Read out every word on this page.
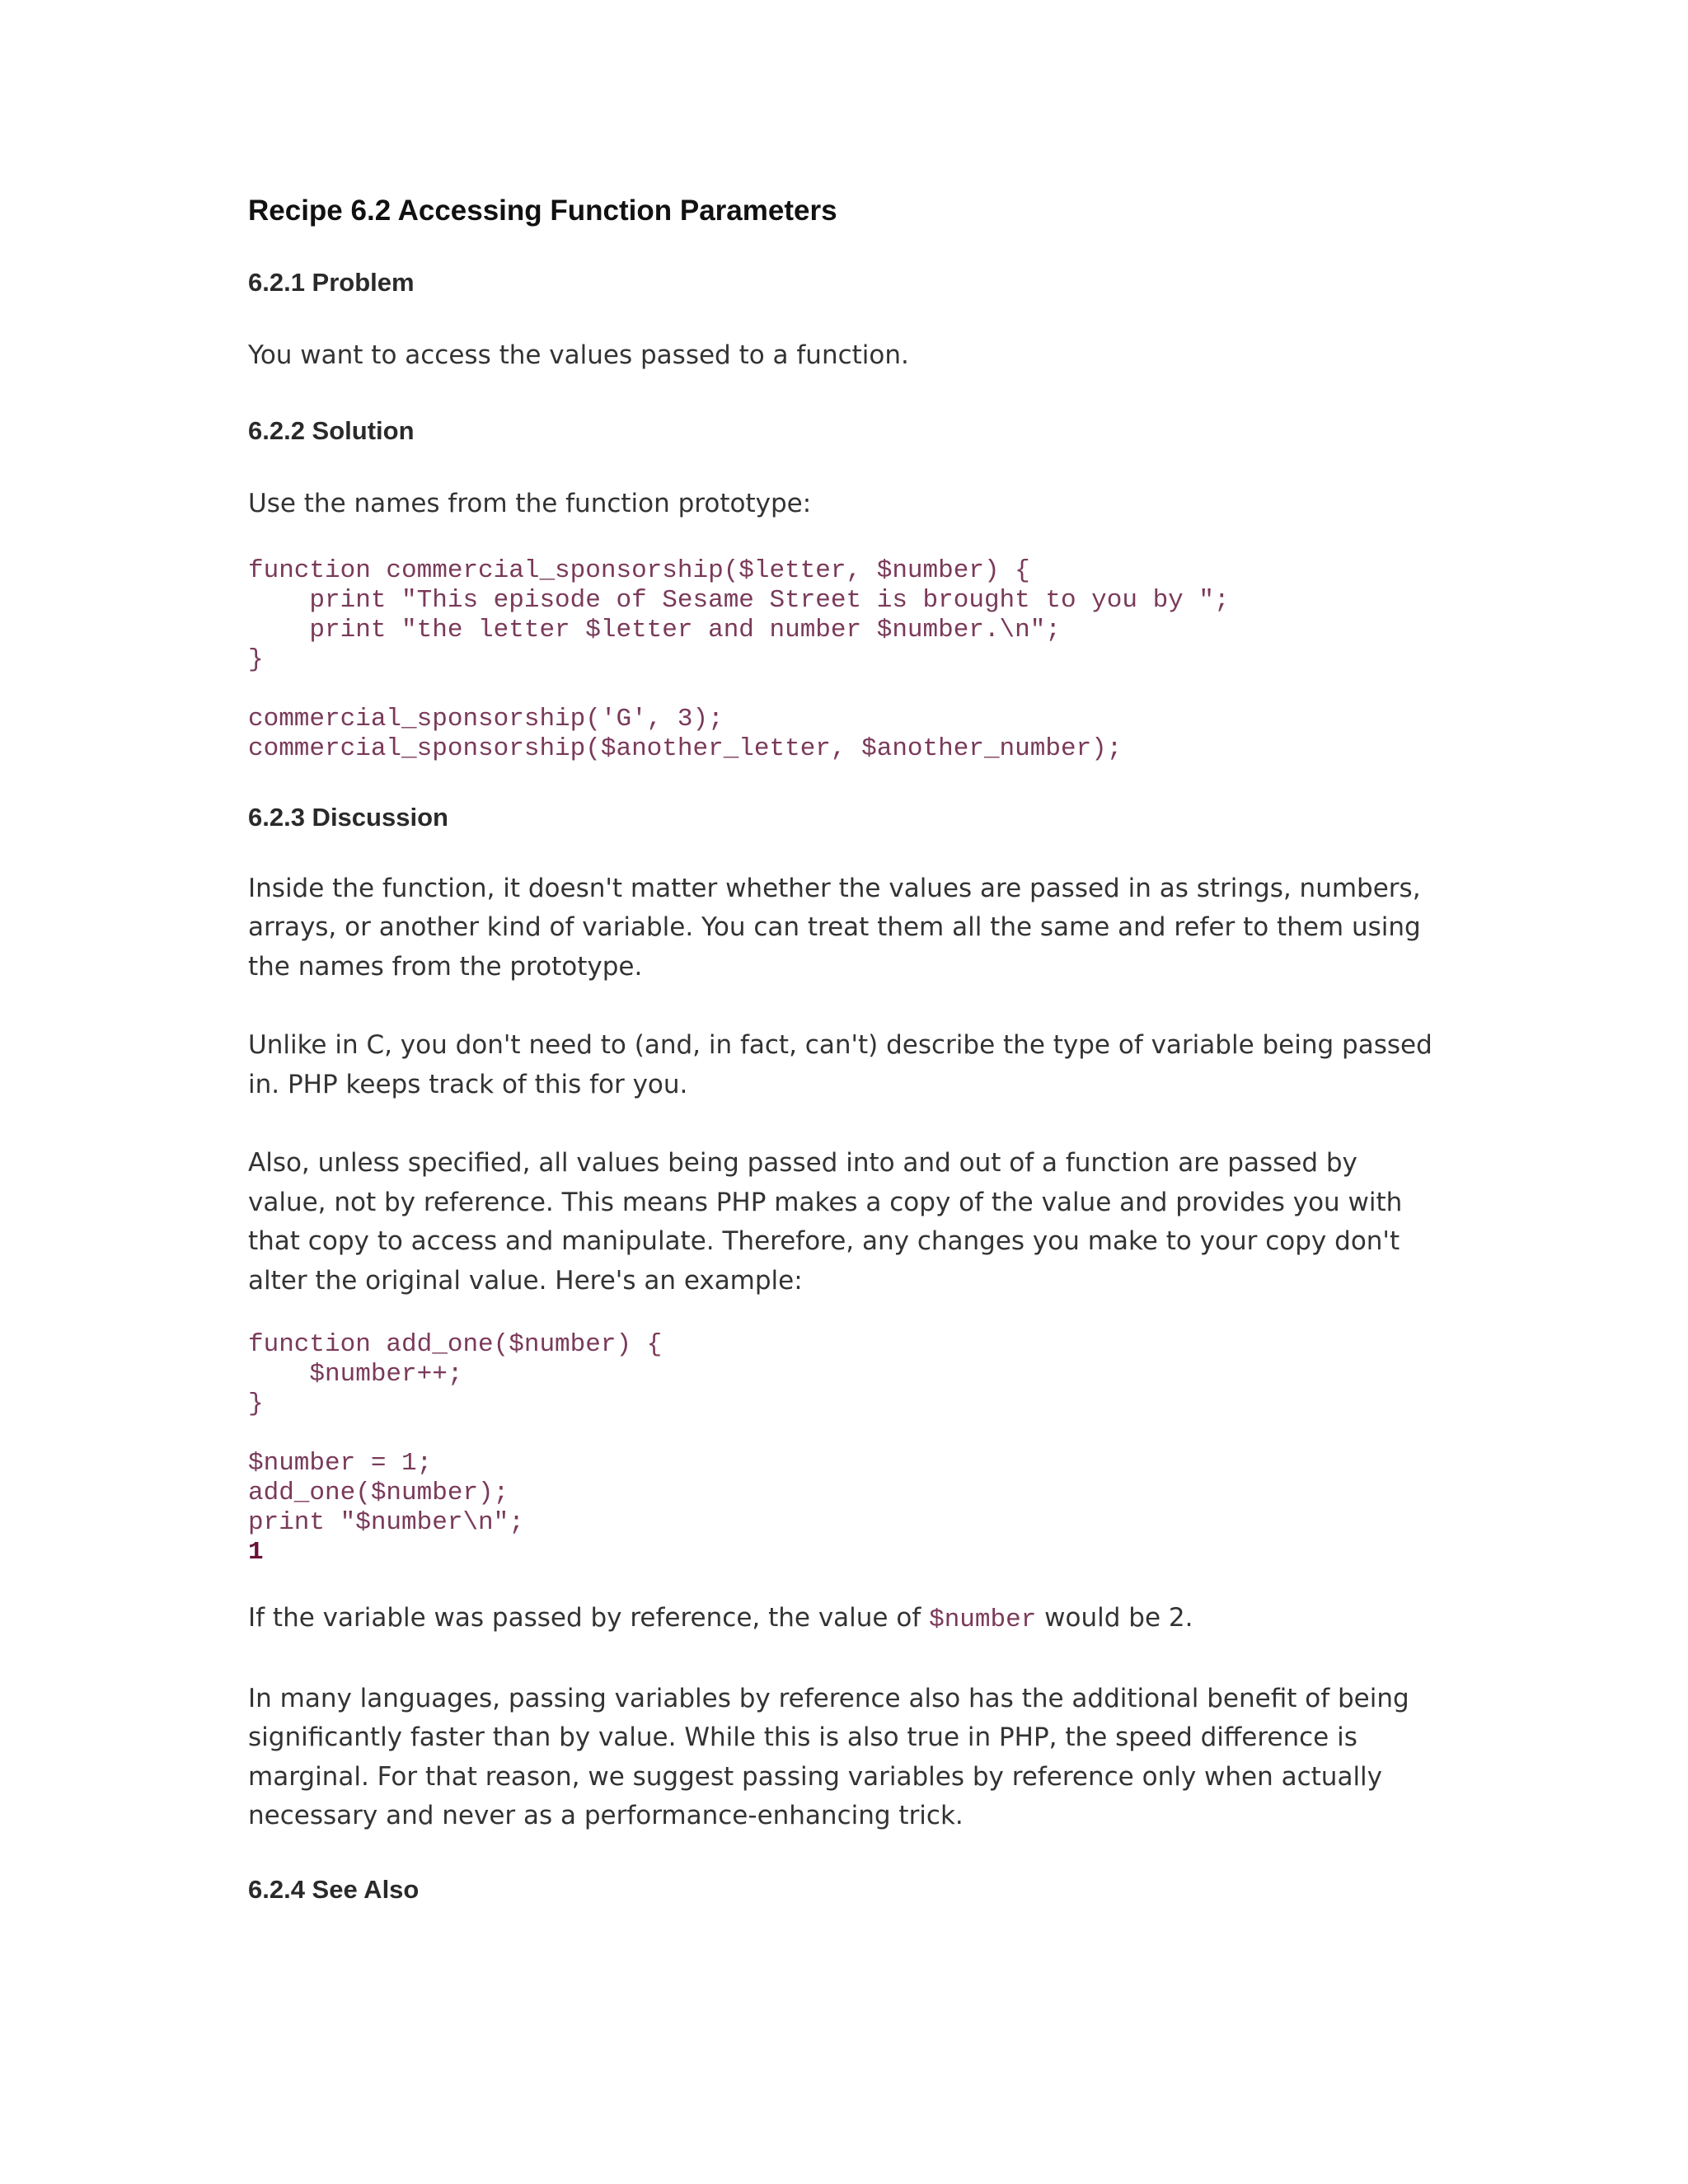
Recipe 6.2 Accessing Function Parameters
6.2.1 Problem

You want to access the values passed to a function.

6.2.2 Solution

Use the names from the function prototype:

function commercial_sponsorship($letter, $number) {
print "This episode of Sesame Street is brought to you by ";
print "the letter $letter and number $number.\n";
}

commercial_sponsorship('G', 3);
commercial_sponsorship($another_letter, $another_number);
6.2.3 Discussion

Inside the function, it doesn't matter whether the values are passed in as strings, numbers, arrays, or another kind of variable. You can treat them all the same and refer to them using the names from the prototype.

Unlike in C, you don't need to (and, in fact, can't) describe the type of variable being passed in. PHP keeps track of this for you.

Also, unless specified, all values being passed into and out of a function are passed by value, not by reference. This means PHP makes a copy of the value and provides you with that copy to access and manipulate. Therefore, any changes you make to your copy don't alter the original value. Here's an example:

function add_one($number) {
$number++;
}

$number = 1;
add_one($number);
print "$number\n";
1

If the variable was passed by reference, the value of $number would be 2.

In many languages, passing variables by reference also has the additional benefit of being significantly faster than by value. While this is also true in PHP, the speed difference is marginal. For that reason, we suggest passing variables by reference only when actually necessary and never as a performance-enhancing trick.

6.2.4 See Also
